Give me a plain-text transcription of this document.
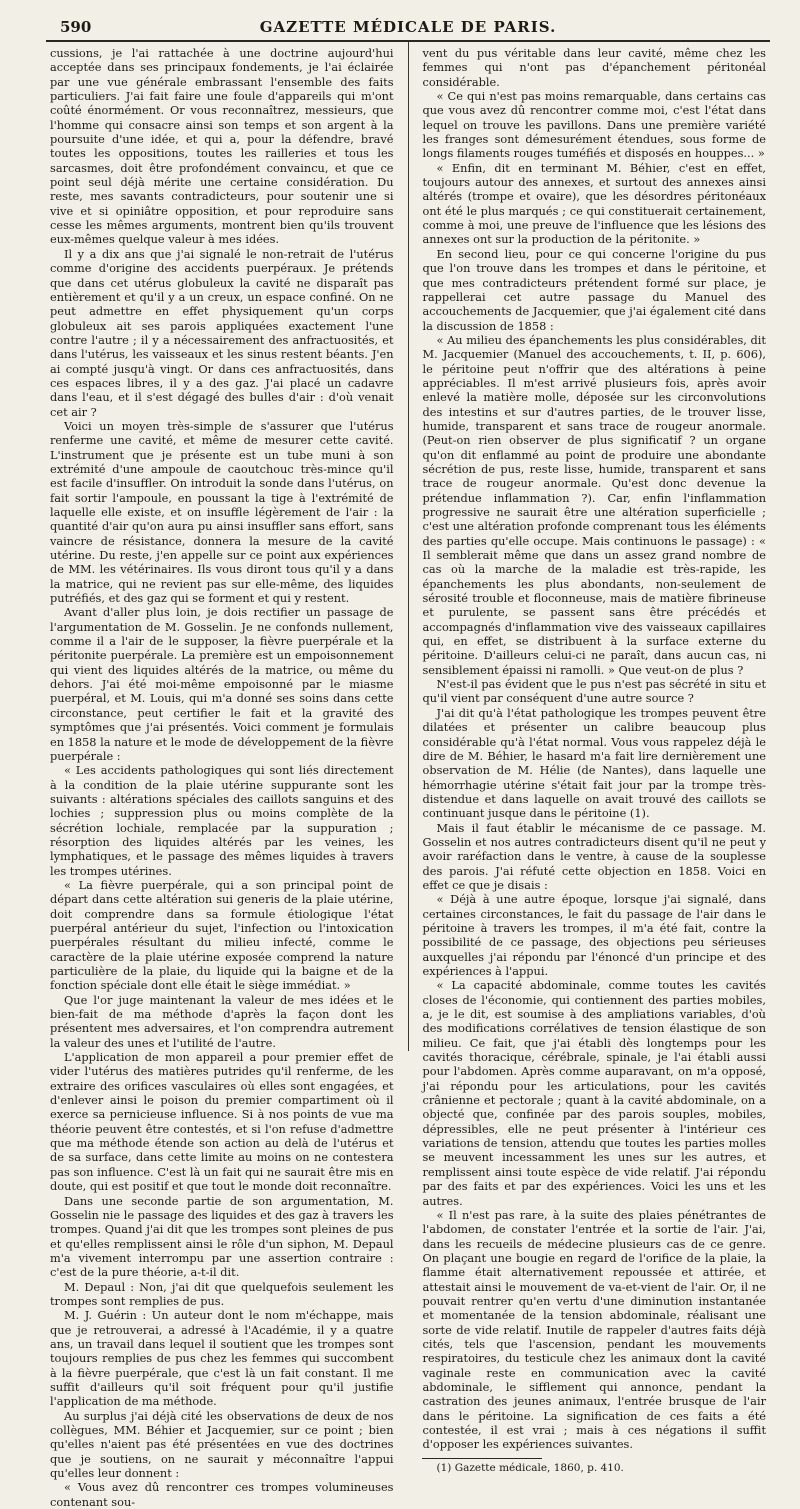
590	GAZETTE MÉDICALE DE PARIS.

cussions, je l'ai rattachée à une doctrine aujourd'hui acceptée dans ses principaux fondements, je l'ai éclairée par une vue générale embrassant l'ensemble des faits particuliers. J'ai fait faire une foule d'appareils qui m'ont coûté énormément. Or vous reconnaîtrez, messieurs, que l'homme qui consacre ainsi son temps et son argent à la poursuite d'une idée, et qui a, pour la défendre, bravé toutes les oppositions, toutes les railleries et tous les sarcasmes, doit être profondément convaincu, et que ce point seul déjà mérite une certaine considération. Du reste, mes savants contradicteurs, pour soutenir une si vive et si opiniâtre opposition, et pour reproduire sans cesse les mêmes arguments, montrent bien qu'ils trouvent eux-mêmes quelque valeur à mes idées.

Il y a dix ans que j'ai signalé le non-retrait de l'utérus comme d'origine des accidents puerpéraux. Je prétends que dans cet utérus globuleux la cavité ne disparaît pas entièrement et qu'il y a un creux, un espace confiné. On ne peut admettre en effet physiquement qu'un corps globuleux ait ses parois appliquées exactement l'une contre l'autre ; il y a nécessairement des anfractuosités, et dans l'utérus, les vaisseaux et les sinus restent béants. J'en ai compté jusqu'à vingt. Or dans ces anfractuosités, dans ces espaces libres, il y a des gaz. J'ai placé un cadavre dans l'eau, et il s'est dégagé des bulles d'air : d'où venait cet air ?

Voici un moyen très-simple de s'assurer que l'utérus renferme une cavité, et même de mesurer cette cavité. L'instrument que je présente est un tube muni à son extrémité d'une ampoule de caoutchouc très-mince qu'il est facile d'insuffler. On introduit la sonde dans l'utérus, on fait sortir l'ampoule, en poussant la tige à l'extrémité de laquelle elle existe, et on insuffle légèrement de l'air : la quantité d'air qu'on aura pu ainsi insuffler sans effort, sans vaincre de résistance, donnera la mesure de la cavité utérine. Du reste, j'en appelle sur ce point aux expériences de MM. les vétérinaires. Ils vous diront tous qu'il y a dans la matrice, qui ne revient pas sur elle-même, des liquides putréfiés, et des gaz qui se forment et qui y restent.

Avant d'aller plus loin, je dois rectifier un passage de l'argumentation de M. Gosselin. Je ne confonds nullement, comme il a l'air de le supposer, la fièvre puerpérale et la péritonite puerpérale. La première est un empoisonnement qui vient des liquides altérés de la matrice, ou même du dehors. J'ai été moi-même empoisonné par le miasme puerpéral, et M. Louis, qui m'a donné ses soins dans cette circonstance, peut certifier le fait et la gravité des symptômes que j'ai présentés. Voici comment je formulais en 1858 la nature et le mode de développement de la fièvre puerpérale :

« Les accidents pathologiques qui sont liés directement à la condition de la plaie utérine suppurante sont les suivants : altérations spéciales des caillots sanguins et des lochies ; suppression plus ou moins complète de la sécrétion lochiale, remplacée par la suppuration ; résorption des liquides altérés par les veines, les lymphatiques, et le passage des mêmes liquides à travers les trompes utérines.

« La fièvre puerpérale, qui a son principal point de départ dans cette altération sui generis de la plaie utérine, doit comprendre dans sa formule étiologique l'état puerpéral antérieur du sujet, l'infection ou l'intoxication puerpérales résultant du milieu infecté, comme le caractère de la plaie utérine exposée comprend la nature particulière de la plaie, du liquide qui la baigne et de la fonction spéciale dont elle était le siège immédiat. »

Que l'or juge maintenant la valeur de mes idées et le bien-fait de ma méthode d'après la façon dont les présentent mes adversaires, et l'on comprendra autrement la valeur des unes et l'utilité de l'autre.

L'application de mon appareil a pour premier effet de vider l'utérus des matières putrides qu'il renferme, de les extraire des orifices vasculaires où elles sont engagées, et d'enlever ainsi le poison du premier compartiment où il exerce sa pernicieuse influence. Si à nos points de vue ma théorie peuvent être contestés, et si l'on refuse d'admettre que ma méthode étende son action au delà de l'utérus et de sa surface, dans cette limite au moins on ne contestera pas son influence. C'est là un fait qui ne saurait être mis en doute, qui est positif et que tout le monde doit reconnaître.

Dans une seconde partie de son argumentation, M. Gosselin nie le passage des liquides et des gaz à travers les trompes. Quand j'ai dit que les trompes sont pleines de pus et qu'elles remplissent ainsi le rôle d'un siphon, M. Depaul m'a vivement interrompu par une assertion contraire : c'est de la pure théorie, a-t-il dit.

M. Depaul : Non, j'ai dit que quelquefois seulement les trompes sont remplies de pus.

M. J. Guérin : Un auteur dont le nom m'échappe, mais que je retrouverai, a adressé à l'Académie, il y a quatre ans, un travail dans lequel il soutient que les trompes sont toujours remplies de pus chez les femmes qui succombent à la fièvre puerpérale, que c'est là un fait constant. Il me suffit d'ailleurs qu'il soit fréquent pour qu'il justifie l'application de ma méthode.

Au surplus j'ai déjà cité les observations de deux de nos collègues, MM. Béhier et Jacquemier, sur ce point ; bien qu'elles n'aient pas été présentées en vue des doctrines que je soutiens, on ne saurait y méconnaître l'appui qu'elles leur donnent :

« Vous avez dû rencontrer ces trompes volumineuses contenant sou-

vent du pus véritable dans leur cavité, même chez les femmes qui n'ont pas d'épanchement péritonéal considérable.

« Ce qui n'est pas moins remarquable, dans certains cas que vous avez dû rencontrer comme moi, c'est l'état dans lequel on trouve les pavillons. Dans une première variété les franges sont démesurément étendues, sous forme de longs filaments rouges tuméfiés et disposés en houppes... »

« Enfin, dit en terminant M. Béhier, c'est en effet, toujours autour des annexes, et surtout des annexes ainsi altérés (trompe et ovaire), que les désordres péritonéaux ont été le plus marqués ; ce qui constituerait certainement, comme à moi, une preuve de l'influence que les lésions des annexes ont sur la production de la péritonite. »

En second lieu, pour ce qui concerne l'origine du pus que l'on trouve dans les trompes et dans le péritoine, et que mes contradicteurs prétendent formé sur place, je rappellerai cet autre passage du Manuel des accouchements de Jacquemier, que j'ai également cité dans la discussion de 1858 :

« Au milieu des épanchements les plus considérables, dit M. Jacquemier (Manuel des accouchements, t. II, p. 606), le péritoine peut n'offrir que des altérations à peine appréciables. Il m'est arrivé plusieurs fois, après avoir enlevé la matière molle, déposée sur les circonvolutions des intestins et sur d'autres parties, de le trouver lisse, humide, transparent et sans trace de rougeur anormale. (Peut-on rien observer de plus significatif ? un organe qu'on dit enflammé au point de produire une abondante sécrétion de pus, reste lisse, humide, transparent et sans trace de rougeur anormale. Qu'est donc devenue la prétendue inflammation ?). Car, enfin l'inflammation progressive ne saurait être une altération superficielle ; c'est une altération profonde comprenant tous les éléments des parties qu'elle occupe. Mais continuons le passage) : « Il semblerait même que dans un assez grand nombre de cas où la marche de la maladie est très-rapide, les épanchements les plus abondants, non-seulement de sérosité trouble et floconneuse, mais de matière fibrineuse et purulente, se passent sans être précédés et accompagnés d'inflammation vive des vaisseaux capillaires qui, en effet, se distribuent à la surface externe du péritoine. D'ailleurs celui-ci ne paraît, dans aucun cas, ni sensiblement épaissi ni ramolli. » Que veut-on de plus ?

N'est-il pas évident que le pus n'est pas sécrété in situ et qu'il vient par conséquent d'une autre source ?

J'ai dit qu'à l'état pathologique les trompes peuvent être dilatées et présenter un calibre beaucoup plus considérable qu'à l'état normal. Vous vous rappelez déjà le dire de M. Béhier, le hasard m'a fait lire dernièrement une observation de M. Hélie (de Nantes), dans laquelle une hémorrhagie utérine s'était fait jour par la trompe très-distendue et dans laquelle on avait trouvé des caillots se continuant jusque dans le péritoine (1).

Mais il faut établir le mécanisme de ce passage. M. Gosselin et nos autres contradicteurs disent qu'il ne peut y avoir raréfaction dans le ventre, à cause de la souplesse des parois. J'ai réfuté cette objection en 1858. Voici en effet ce que je disais :

« Déjà à une autre époque, lorsque j'ai signalé, dans certaines circonstances, le fait du passage de l'air dans le péritoine à travers les trompes, il m'a été fait, contre la possibilité de ce passage, des objections peu sérieuses auxquelles j'ai répondu par l'énoncé d'un principe et des expériences à l'appui.

« La capacité abdominale, comme toutes les cavités closes de l'économie, qui contiennent des parties mobiles, a, je le dit, est soumise à des ampliations variables, d'où des modifications corrélatives de tension élastique de son milieu. Ce fait, que j'ai établi dès longtemps pour les cavités thoracique, cérébrale, spinale, je l'ai établi aussi pour l'abdomen. Après comme auparavant, on m'a opposé, j'ai répondu pour les articulations, pour les cavités crânienne et pectorale ; quant à la cavité abdominale, on a objecté que, confinée par des parois souples, mobiles, dépressibles, elle ne peut présenter à l'intérieur ces variations de tension, attendu que toutes les parties molles se meuvent incessamment les unes sur les autres, et remplissent ainsi toute espèce de vide relatif. J'ai répondu par des faits et par des expériences. Voici les uns et les autres.

« Il n'est pas rare, à la suite des plaies pénétrantes de l'abdomen, de constater l'entrée et la sortie de l'air. J'ai, dans les recueils de médecine plusieurs cas de ce genre. On plaçant une bougie en regard de l'orifice de la plaie, la flamme était alternativement repoussée et attirée, et attestait ainsi le mouvement de va-et-vient de l'air. Or, il ne pouvait rentrer qu'en vertu d'une diminution instantanée et momentanée de la tension abdominale, réalisant une sorte de vide relatif. Inutile de rappeler d'autres faits déjà cités, tels que l'ascension, pendant les mouvements respiratoires, du testicule chez les animaux dont la cavité vaginale reste en communication avec la cavité abdominale, le sifflement qui annonce, pendant la castration des jeunes animaux, l'entrée brusque de l'air dans le péritoine. La signification de ces faits a été contestée, il est vrai ; mais à ces négations il suffit d'opposer les expériences suivantes.

(1) Gazette médicale, 1860, p. 410.
